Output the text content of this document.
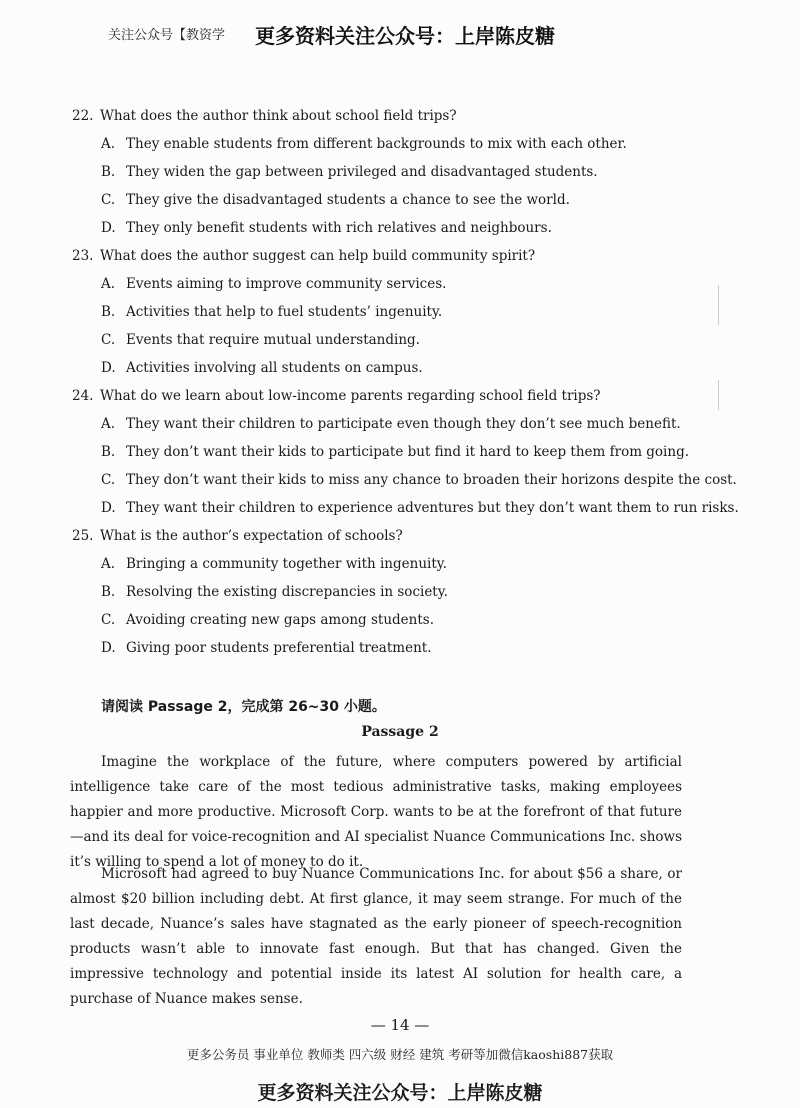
关注公众号【教资学 更多资料关注公众号：上岸陈皮糖
22. What does the author think about school field trips?
A. They enable students from different backgrounds to mix with each other.
B. They widen the gap between privileged and disadvantaged students.
C. They give the disadvantaged students a chance to see the world.
D. They only benefit students with rich relatives and neighbours.
23. What does the author suggest can help build community spirit?
A. Events aiming to improve community services.
B. Activities that help to fuel students’ ingenuity.
C. Events that require mutual understanding.
D. Activities involving all students on campus.
24. What do we learn about low-income parents regarding school field trips?
A. They want their children to participate even though they don’t see much benefit.
B. They don’t want their kids to participate but find it hard to keep them from going.
C. They don’t want their kids to miss any chance to broaden their horizons despite the cost.
D. They want their children to experience adventures but they don’t want them to run risks.
25. What is the author’s expectation of schools?
A. Bringing a community together with ingenuity.
B. Resolving the existing discrepancies in society.
C. Avoiding creating new gaps among students.
D. Giving poor students preferential treatment.
请阅读 Passage 2，完成第 26~30 小题。
Passage 2
Imagine the workplace of the future, where computers powered by artificial intelligence take care of the most tedious administrative tasks, making employees happier and more productive. Microsoft Corp. wants to be at the forefront of that future—and its deal for voice-recognition and AI specialist Nuance Communications Inc. shows it’s willing to spend a lot of money to do it.
Microsoft had agreed to buy Nuance Communications Inc. for about $56 a share, or almost $20 billion including debt. At first glance, it may seem strange. For much of the last decade, Nuance’s sales have stagnated as the early pioneer of speech-recognition products wasn’t able to innovate fast enough. But that has changed. Given the impressive technology and potential inside its latest AI solution for health care, a purchase of Nuance makes sense.
— 14 —
更多公务员 事业单位 教师类 四六级 财经 建筑 考研等加微信kaoshi887获取
更多资料关注公众号：上岸陈皮糖
